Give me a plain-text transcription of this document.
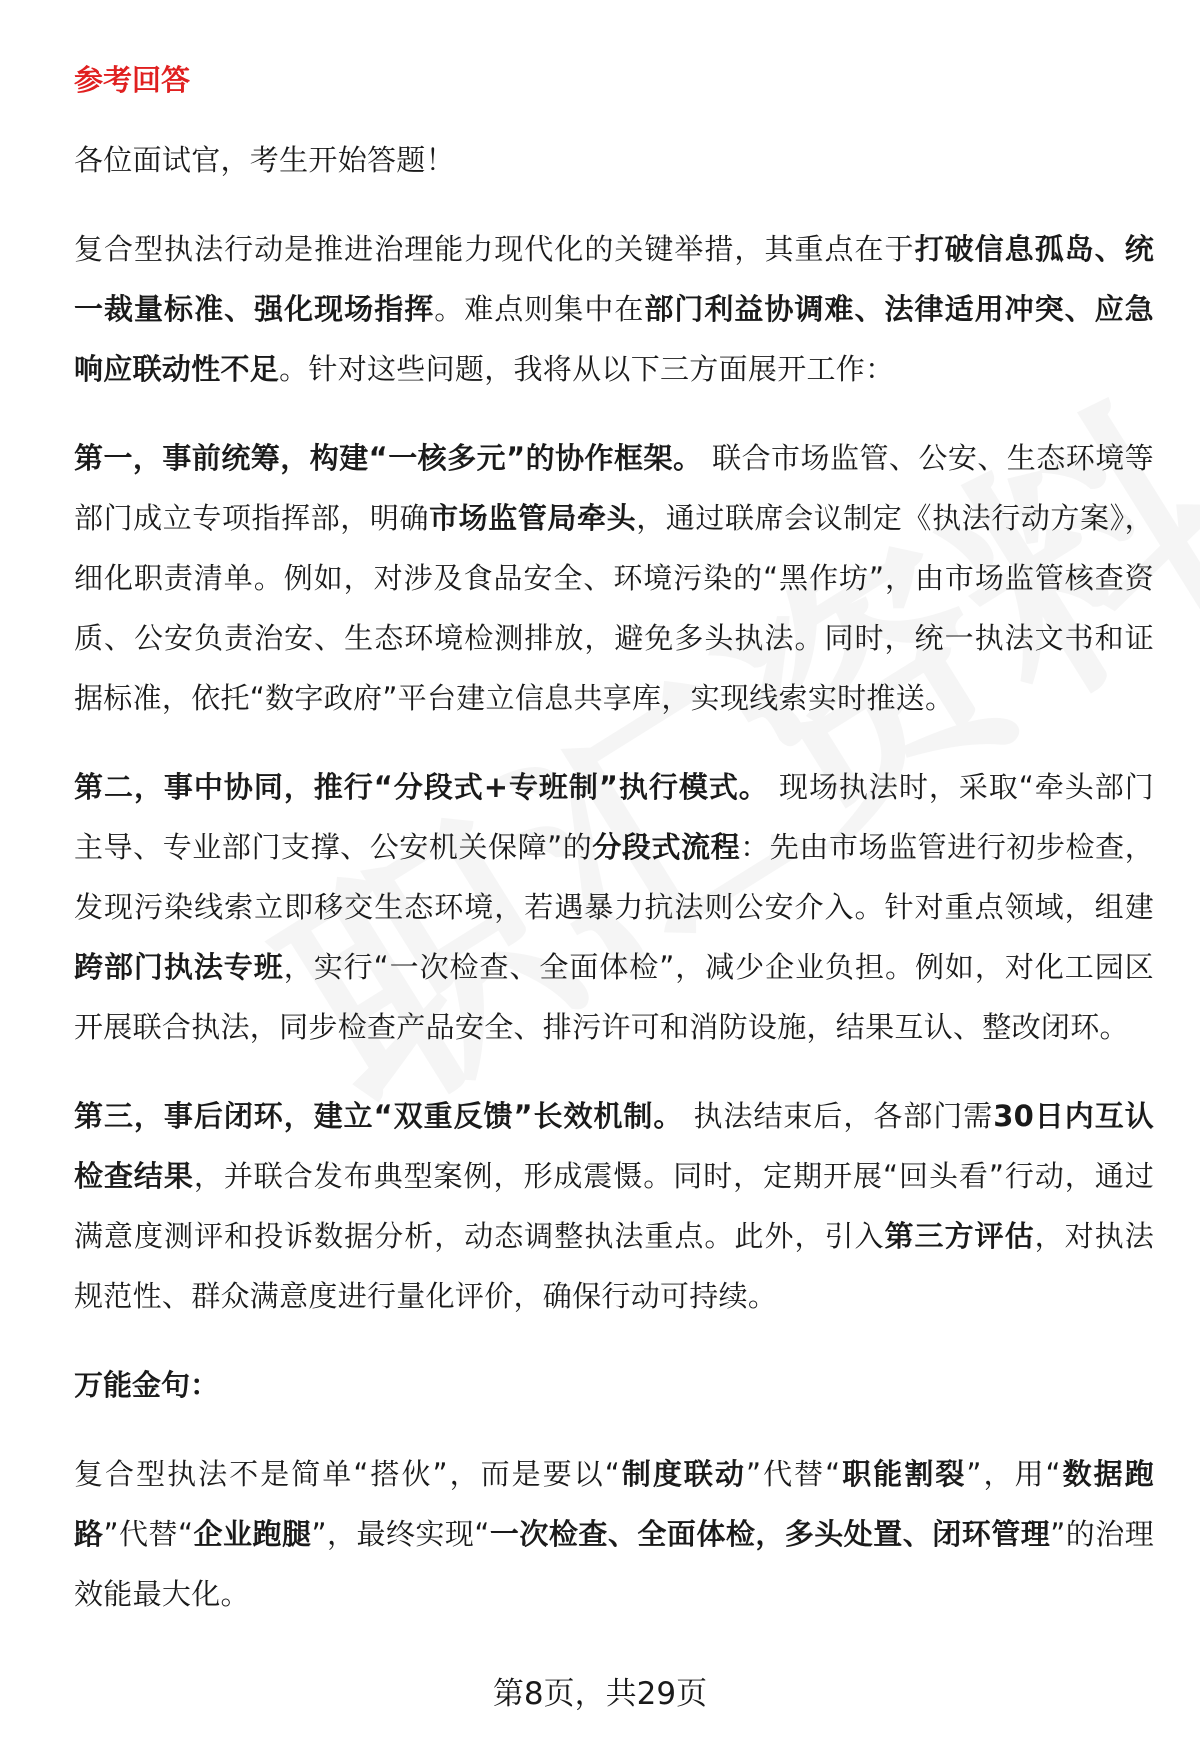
参考回答

各位面试官，考生开始答题！

复合型执法行动是推进治理能力现代化的关键举措，其重点在于打破信息孤岛、统一裁量标准、强化现场指挥。难点则集中在部门利益协调难、法律适用冲突、应急响应联动性不足。针对这些问题，我将从以下三方面展开工作：

第一，事前统筹，构建“一核多元”的协作框架。 联合市场监管、公安、生态环境等部门成立专项指挥部，明确市场监管局牵头，通过联席会议制定《执法行动方案》，细化职责清单。例如，对涉及食品安全、环境污染的“黑作坊”，由市场监管核查资质、公安负责治安、生态环境检测排放，避免多头执法。同时，统一执法文书和证据标准，依托“数字政府”平台建立信息共享库，实现线索实时推送。

第二，事中协同，推行“分段式+专班制”执行模式。 现场执法时，采取“牵头部门主导、专业部门支撑、公安机关保障”的分段式流程：先由市场监管进行初步检查，发现污染线索立即移交生态环境，若遇暴力抗法则公安介入。针对重点领域，组建跨部门执法专班，实行“一次检查、全面体检”，减少企业负担。例如，对化工园区开展联合执法，同步检查产品安全、排污许可和消防设施，结果互认、整改闭环。

第三，事后闭环，建立“双重反馈”长效机制。 执法结束后，各部门需30日内互认检查结果，并联合发布典型案例，形成震慑。同时，定期开展“回头看”行动，通过满意度测评和投诉数据分析，动态调整执法重点。此外，引入第三方评估，对执法规范性、群众满意度进行量化评价，确保行动可持续。

万能金句：

复合型执法不是简单“搭伙”，而是要以“制度联动”代替“职能割裂”，用“数据跑路”代替“企业跑腿”，最终实现“一次检查、全面体检，多头处置、闭环管理”的治理效能最大化。

第8页，共29页
